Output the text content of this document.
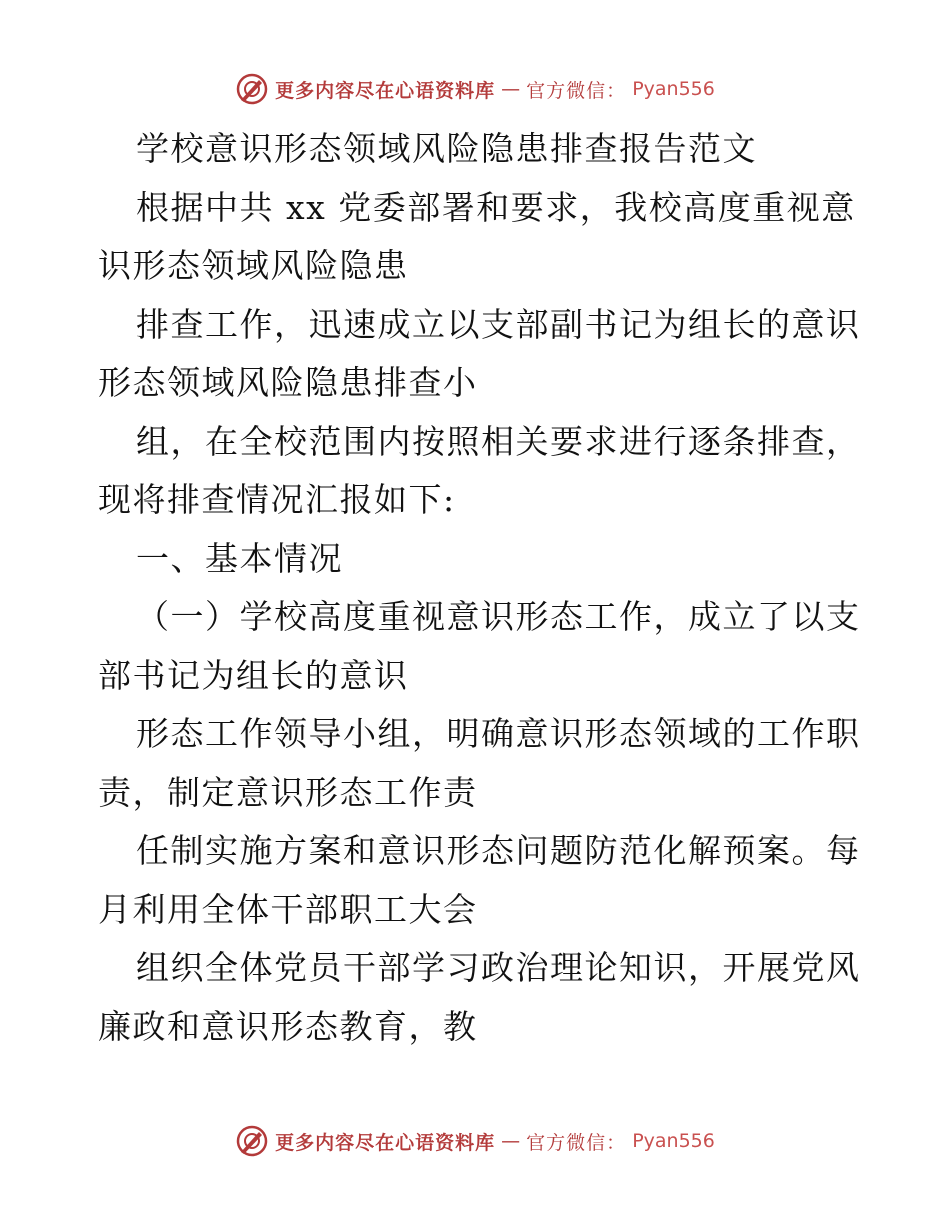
更多内容尽在心语资料库 — 官方微信： Pyan556
学校意识形态领域风险隐患排查报告范文
根据中共 xx 党委部署和要求，我校高度重视意
识形态领域风险隐患
排查工作，迅速成立以支部副书记为组长的意识
形态领域风险隐患排查小
组，在全校范围内按照相关要求进行逐条排查，
现将排查情况汇报如下:
一、基本情况
（一）学校高度重视意识形态工作，成立了以支
部书记为组长的意识
形态工作领导小组，明确意识形态领域的工作职
责，制定意识形态工作责
任制实施方案和意识形态问题防范化解预案。每
月利用全体干部职工大会
组织全体党员干部学习政治理论知识，开展党风
廉政和意识形态教育，教
更多内容尽在心语资料库 — 官方微信： Pyan556
